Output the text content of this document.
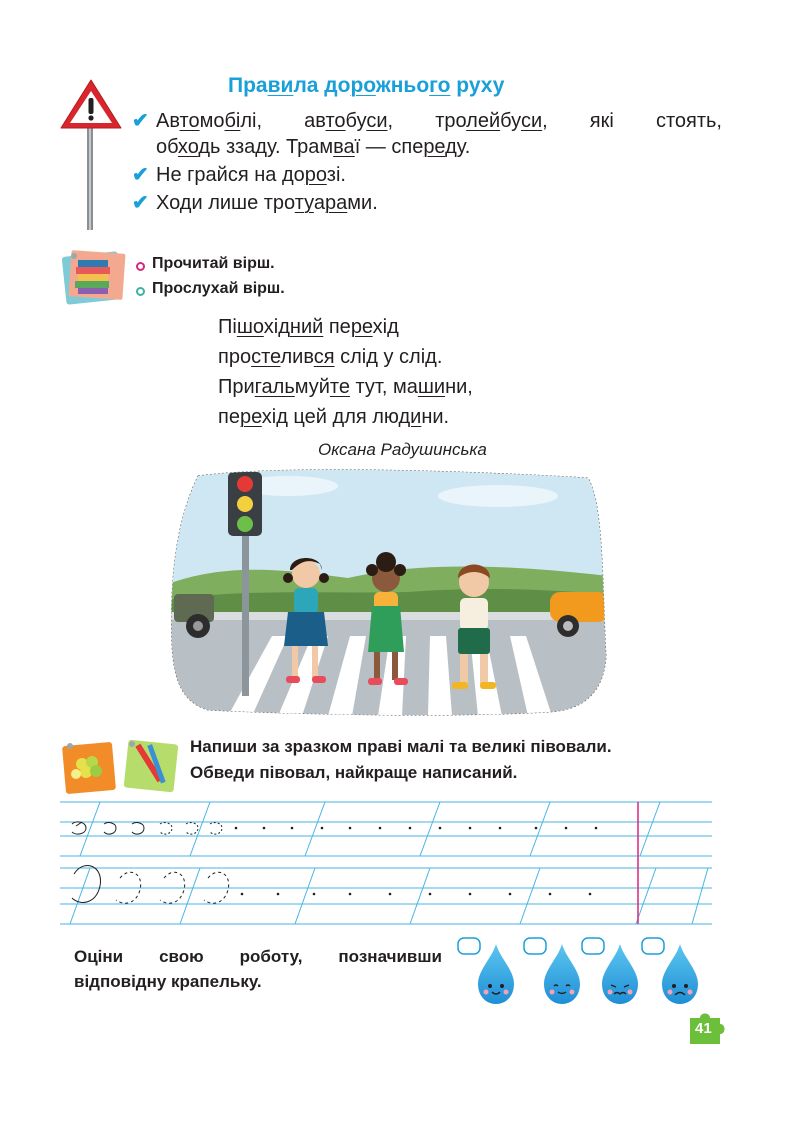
Правила дорожнього руху
✔ Автомобілі, автобуси, тролейбуси, які стоять,
обходь ззаду. Трамваї — спереду.
✔ Не грайся на дорозі.
✔ Ходи лише тротуарами.
Прочитай вірш.
Прослухай вірш.
Пішохідний перехід
простелився слід у слід.
Пригальмуйте тут, машини,
перехід цей для людини.
Оксана Радушинська
Напиши за зразком праві малі та великі півовали.
Обведи півовал, найкраще написаний.
Оціни свою роботу, позначивши відповідну крапельку.
41
